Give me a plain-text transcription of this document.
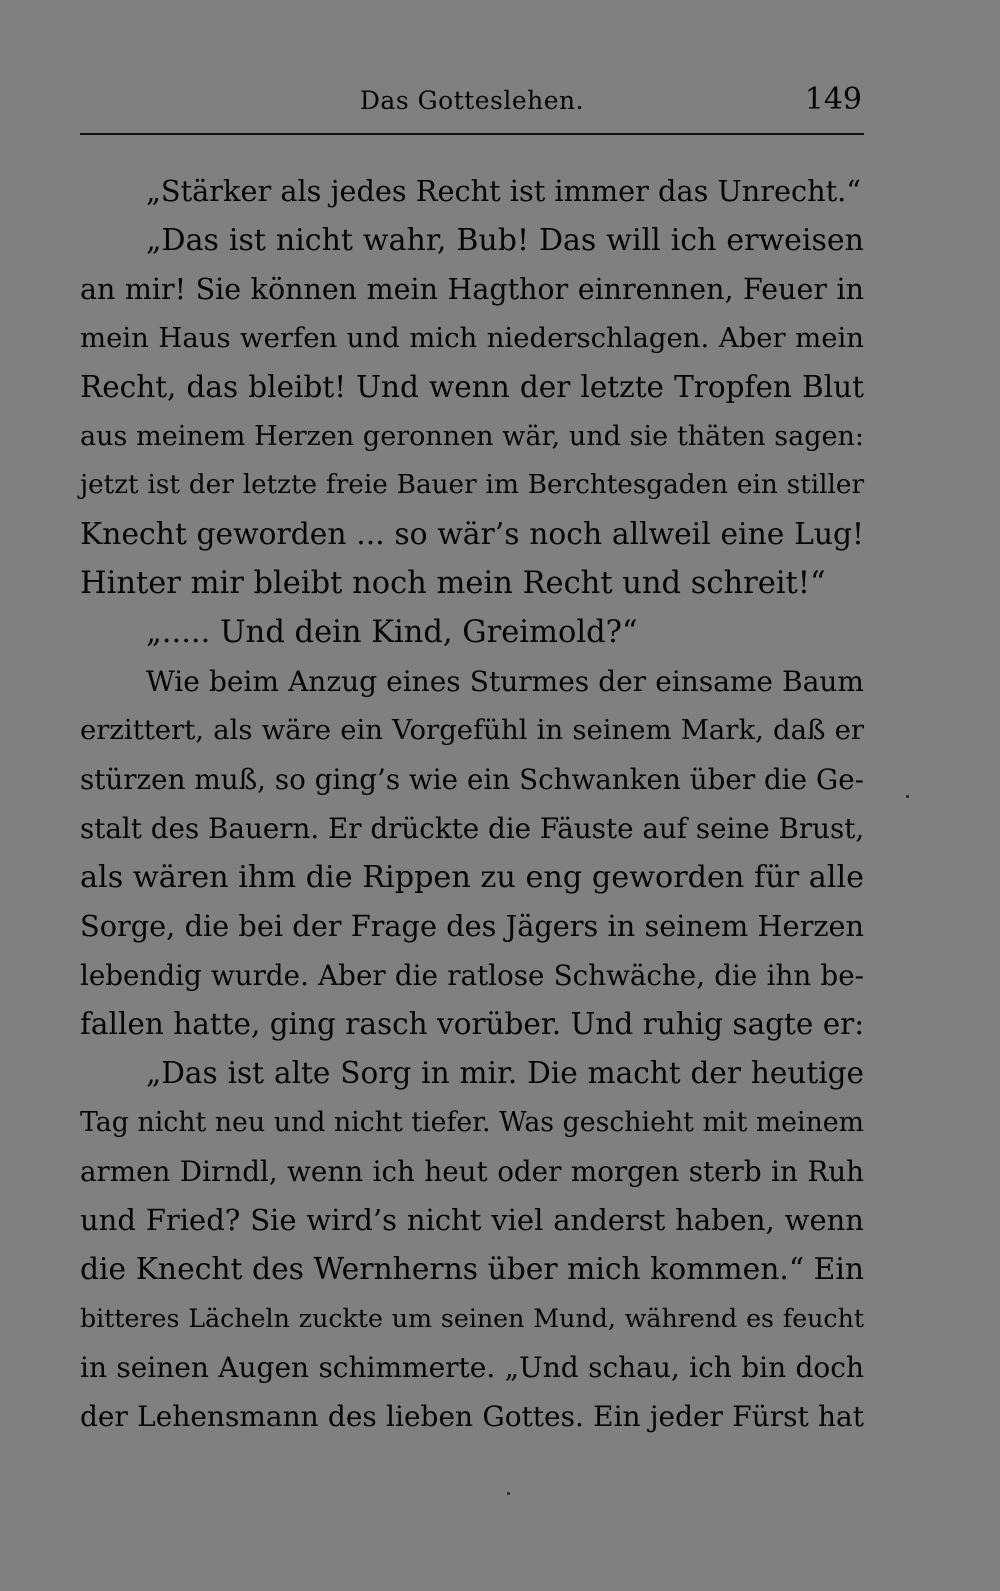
Das Gotteslehen.	149
„Stärker als jedes Recht ist immer das Unrecht.“
„Das ist nicht wahr, Bub! Das will ich erweisen
an mir! Sie können mein Hagthor einrennen, Feuer in
mein Haus werfen und mich niederschlagen. Aber mein
Recht, das bleibt! Und wenn der letzte Tropfen Blut
aus meinem Herzen geronnen wär, und sie thäten sagen:
jetzt ist der letzte freie Bauer im Berchtesgaden ein stiller
Knecht geworden ... so wär’s noch allweil eine Lug!
Hinter mir bleibt noch mein Recht und schreit!“
„..... Und dein Kind, Greimold?“
Wie beim Anzug eines Sturmes der einsame Baum
erzittert, als wäre ein Vorgefühl in seinem Mark, daß er
stürzen muß, so ging’s wie ein Schwanken über die Ge-
stalt des Bauern. Er drückte die Fäuste auf seine Brust,
als wären ihm die Rippen zu eng geworden für alle
Sorge, die bei der Frage des Jägers in seinem Herzen
lebendig wurde. Aber die ratlose Schwäche, die ihn be-
fallen hatte, ging rasch vorüber. Und ruhig sagte er:
„Das ist alte Sorg in mir. Die macht der heutige
Tag nicht neu und nicht tiefer. Was geschieht mit meinem
armen Dirndl, wenn ich heut oder morgen sterb in Ruh
und Fried? Sie wird’s nicht viel anderst haben, wenn
die Knecht des Wernherns über mich kommen.“ Ein
bitteres Lächeln zuckte um seinen Mund, während es feucht
in seinen Augen schimmerte. „Und schau, ich bin doch
der Lehensmann des lieben Gottes. Ein jeder Fürst hat
